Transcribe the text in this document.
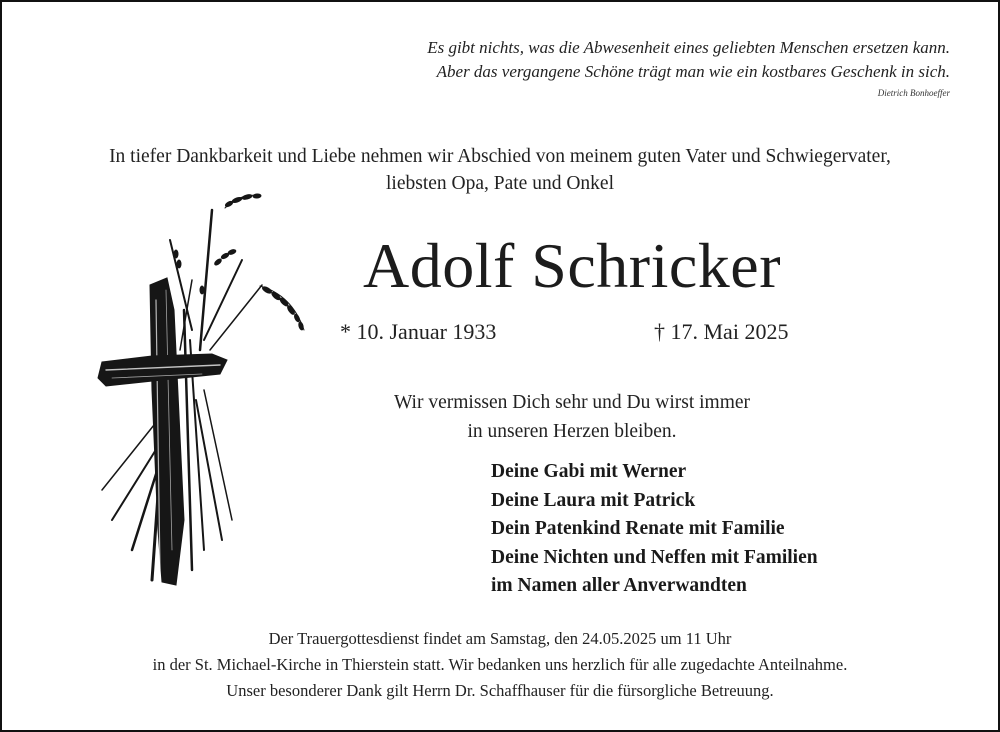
Es gibt nichts, was die Abwesenheit eines geliebten Menschen ersetzen kann.
Aber das vergangene Schöne trägt man wie ein kostbares Geschenk in sich.
Dietrich Bonhoeffer
In tiefer Dankbarkeit und Liebe nehmen wir Abschied von meinem guten Vater und Schwiegervater,
liebsten Opa, Pate und Onkel
Adolf Schricker
* 10. Januar 1933	† 17. Mai 2025
Wir vermissen Dich sehr und Du wirst immer
in unseren Herzen bleiben.
Deine Gabi mit Werner
Deine Laura mit Patrick
Dein Patenkind Renate mit Familie
Deine Nichten und Neffen mit Familien
im Namen aller Anverwandten
Der Trauergottesdienst findet am Samstag, den 24.05.2025 um 11 Uhr
in der St. Michael-Kirche in Thierstein statt. Wir bedanken uns herzlich für alle zugedachte Anteilnahme.
Unser besonderer Dank gilt Herrn Dr. Schaffhauser für die fürsorgliche Betreuung.
